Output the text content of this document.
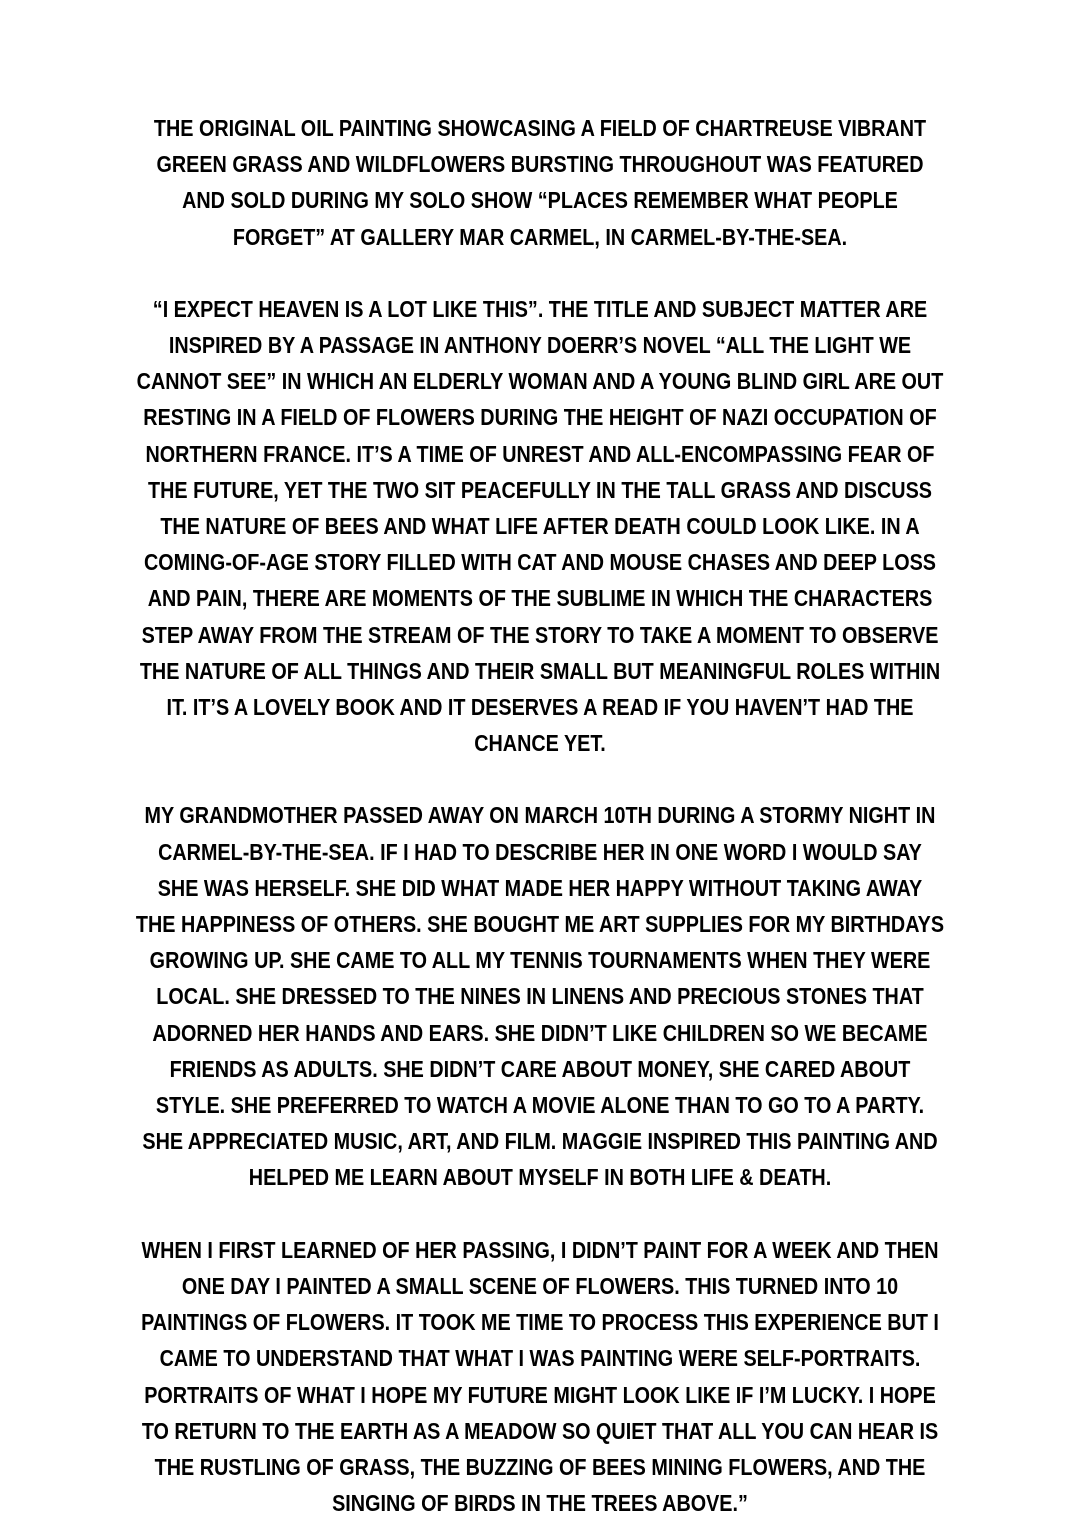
THE ORIGINAL OIL PAINTING SHOWCASING A FIELD OF CHARTREUSE VIBRANT GREEN GRASS AND WILDFLOWERS BURSTING THROUGHOUT WAS FEATURED AND SOLD DURING MY SOLO SHOW “PLACES REMEMBER WHAT PEOPLE FORGET” AT GALLERY MAR CARMEL, IN CARMEL-BY-THE-SEA.

“I EXPECT HEAVEN IS A LOT LIKE THIS”. THE TITLE AND SUBJECT MATTER ARE INSPIRED BY A PASSAGE IN ANTHONY DOERR’S NOVEL “ALL THE LIGHT WE CANNOT SEE” IN WHICH AN ELDERLY WOMAN AND A YOUNG BLIND GIRL ARE OUT RESTING IN A FIELD OF FLOWERS DURING THE HEIGHT OF NAZI OCCUPATION OF NORTHERN FRANCE. IT’S A TIME OF UNREST AND ALL-ENCOMPASSING FEAR OF THE FUTURE, YET THE TWO SIT PEACEFULLY IN THE TALL GRASS AND DISCUSS THE NATURE OF BEES AND WHAT LIFE AFTER DEATH COULD LOOK LIKE. IN A COMING-OF-AGE STORY FILLED WITH CAT AND MOUSE CHASES AND DEEP LOSS AND PAIN, THERE ARE MOMENTS OF THE SUBLIME IN WHICH THE CHARACTERS STEP AWAY FROM THE STREAM OF THE STORY TO TAKE A MOMENT TO OBSERVE THE NATURE OF ALL THINGS AND THEIR SMALL BUT MEANINGFUL ROLES WITHIN IT. IT’S A LOVELY BOOK AND IT DESERVES A READ IF YOU HAVEN’T HAD THE CHANCE YET.

MY GRANDMOTHER PASSED AWAY ON MARCH 10TH DURING A STORMY NIGHT IN CARMEL-BY-THE-SEA. IF I HAD TO DESCRIBE HER IN ONE WORD I WOULD SAY SHE WAS HERSELF. SHE DID WHAT MADE HER HAPPY WITHOUT TAKING AWAY THE HAPPINESS OF OTHERS. SHE BOUGHT ME ART SUPPLIES FOR MY BIRTHDAYS GROWING UP. SHE CAME TO ALL MY TENNIS TOURNAMENTS WHEN THEY WERE LOCAL. SHE DRESSED TO THE NINES IN LINENS AND PRECIOUS STONES THAT ADORNED HER HANDS AND EARS. SHE DIDN’T LIKE CHILDREN SO WE BECAME FRIENDS AS ADULTS. SHE DIDN’T CARE ABOUT MONEY, SHE CARED ABOUT STYLE. SHE PREFERRED TO WATCH A MOVIE ALONE THAN TO GO TO A PARTY. SHE APPRECIATED MUSIC, ART, AND FILM. MAGGIE INSPIRED THIS PAINTING AND HELPED ME LEARN ABOUT MYSELF IN BOTH LIFE & DEATH.

WHEN I FIRST LEARNED OF HER PASSING, I DIDN’T PAINT FOR A WEEK AND THEN ONE DAY I PAINTED A SMALL SCENE OF FLOWERS. THIS TURNED INTO 10 PAINTINGS OF FLOWERS. IT TOOK ME TIME TO PROCESS THIS EXPERIENCE BUT I CAME TO UNDERSTAND THAT WHAT I WAS PAINTING WERE SELF-PORTRAITS. PORTRAITS OF WHAT I HOPE MY FUTURE MIGHT LOOK LIKE IF I’M LUCKY. I HOPE TO RETURN TO THE EARTH AS A MEADOW SO QUIET THAT ALL YOU CAN HEAR IS THE RUSTLING OF GRASS, THE BUZZING OF BEES MINING FLOWERS, AND THE SINGING OF BIRDS IN THE TREES ABOVE.”
